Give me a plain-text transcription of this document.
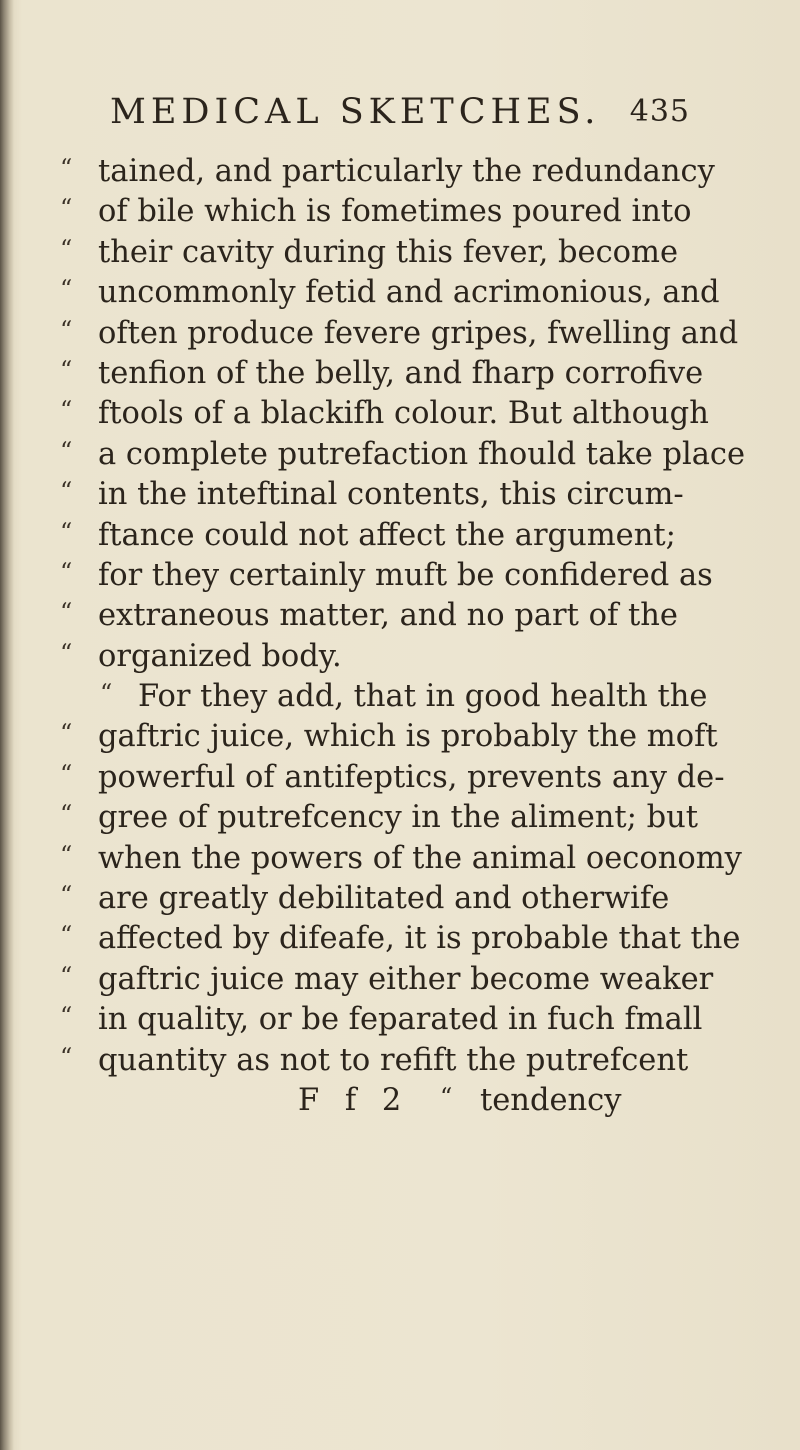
MEDICAL SKETCHES. 435
“ tained, and particularly the redundancy
“ of bile which is fometimes poured into
“ their cavity during this fever, become
“ uncommonly fetid and acrimonious, and
“ often produce fevere gripes, fwelling and
“ tenfion of the belly, and fharp corrofive
“ ftools of a blackifh colour. But although
“ a complete putrefaction fhould take place
“ in the inteftinal contents, this circum-
“ ftance could not affect the argument;
“ for they certainly muft be confidered as
“ extraneous matter, and no part of the
“ organized body.
“ For they add, that in good health the
“ gaftric juice, which is probably the moft
“ powerful of antifeptics, prevents any de-
“ gree of putrefcency in the aliment; but
“ when the powers of the animal oeconomy
“ are greatly debilitated and otherwife
“ affected by difeafe, it is probable that the
“ gaftric juice may either become weaker
“ in quality, or be feparated in fuch fmall
“ quantity as not to refift the putrefcent
F f 2 “ tendency
